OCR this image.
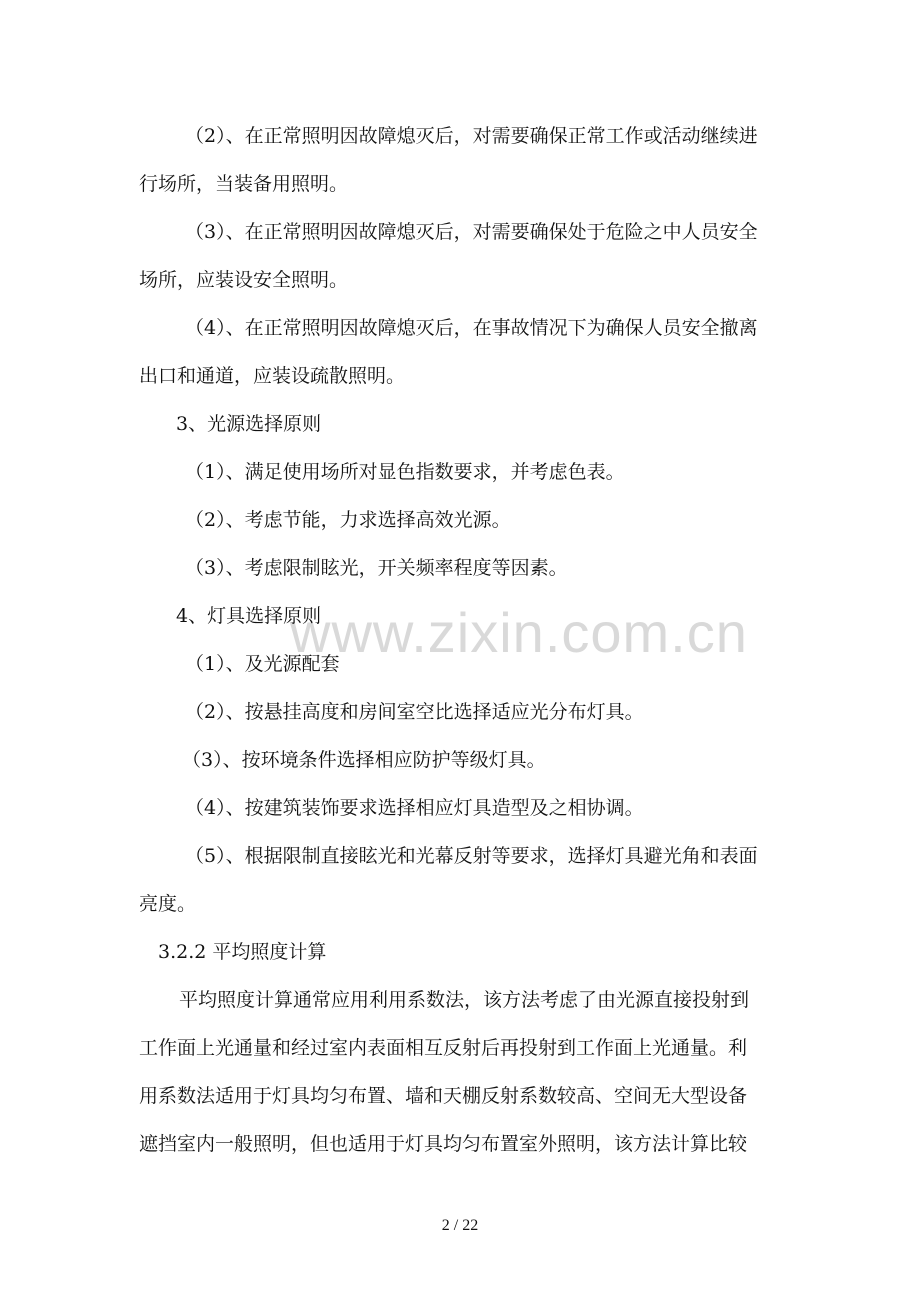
www.zixin.com.cn
（2）、在正常照明因故障熄灭后，对需要确保正常工作或活动继续进
行场所，当装备用照明。
（3）、在正常照明因故障熄灭后，对需要确保处于危险之中人员安全
场所，应装设安全照明。
（4）、在正常照明因故障熄灭后，在事故情况下为确保人员安全撤离
出口和通道，应装设疏散照明。
3、光源选择原则
（1）、满足使用场所对显色指数要求，并考虑色表。
（2）、考虑节能，力求选择高效光源。
（3）、考虑限制眩光，开关频率程度等因素。
4、灯具选择原则
（1）、及光源配套
（2）、按悬挂高度和房间室空比选择适应光分布灯具。
（3）、按环境条件选择相应防护等级灯具。
（4）、按建筑装饰要求选择相应灯具造型及之相协调。
（5）、根据限制直接眩光和光幕反射等要求，选择灯具避光角和表面
亮度。
3.2.2 平均照度计算
平均照度计算通常应用利用系数法，该方法考虑了由光源直接投射到
工作面上光通量和经过室内表面相互反射后再投射到工作面上光通量。利
用系数法适用于灯具均匀布置、墙和天棚反射系数较高、空间无大型设备
遮挡室内一般照明，但也适用于灯具均匀布置室外照明，该方法计算比较
2 / 22
